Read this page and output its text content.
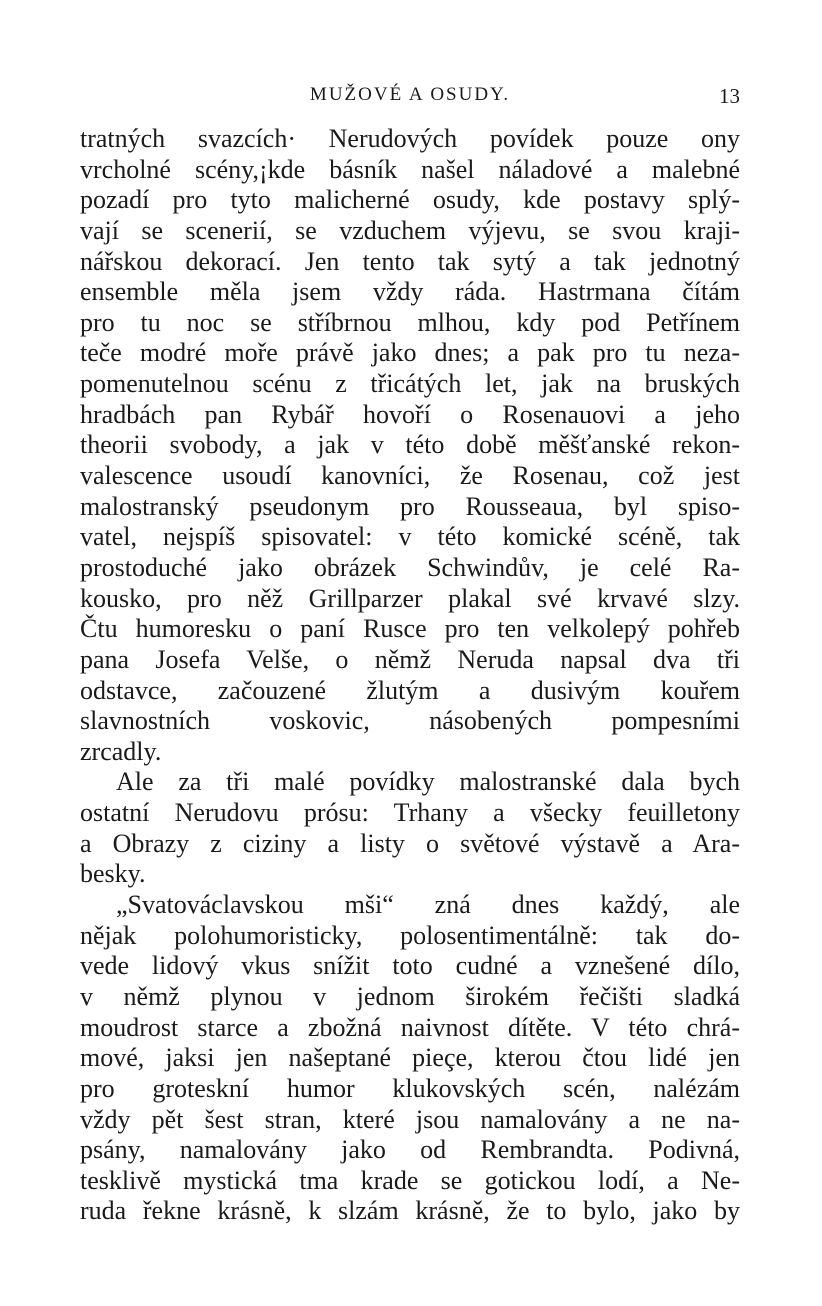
MUŽOVÉ A OSUDY.	13
tratných svazcích· Nerudových povídek pouze ony
vrcholné scény,¡kde básník našel náladové a malebné
pozadí pro tyto malicherné osudy, kde postavy splý-
vají se scenerií, se vzduchem výjevu, se svou kraji-
nářskou dekorací. Jen tento tak sytý a tak jednotný
ensemble měla jsem vždy ráda. Hastrmana čítám
pro tu noc se stříbrnou mlhou, kdy pod Petřínem
teče modré moře právě jako dnes; a pak pro tu neza-
pomenutelnou scénu z třicátých let, jak na bruských
hradbách pan Rybář hovoří o Rosenauovi a jeho
theorii svobody, a jak v této době měšťanské rekon-
valescence usoudí kanovníci, že Rosenau, což jest
malostranský pseudonym pro Rousseaua, byl spiso-
vatel, nejspíš spisovatel: v této komické scéně, tak
prostoduché jako obrázek Schwindův, je celé Ra-
kousko, pro něž Grillparzer plakal své krvavé slzy.
Čtu humoresku o paní Rusce pro ten velkolepý pohřeb
pana Josefa Velše, o němž Neruda napsal dva tři
odstavce, začouzené žlutým a dusivým kouřem
slavnostních voskovic, násobených pompesními
zrcadly.
Ale za tři malé povídky malostranské dala bych
ostatní Nerudovu prósu: Trhany a všecky feuilletony
a Obrazy z ciziny a listy o světové výstavě a Ara-
besky.
„Svatováclavskou mši“ zná dnes každý, ale
nějak polohumoristicky, polosentimentálně: tak do-
vede lidový vkus snížit toto cudné a vznešené dílo,
v němž plynou v jednom širokém řečišti sladká
moudrost starce a zbožná naivnost dítěte. V této chrá-
mové, jaksi jen našeptané pieçe, kterou čtou lidé jen
pro groteskní humor klukovských scén, nalézám
vždy pět šest stran, které jsou namalovány a ne na-
psány, namalovány jako od Rembrandta. Podivná,
tesklivě mystická tma krade se gotickou lodí, a Ne-
ruda řekne krásně, k slzám krásně, že to bylo, jako by
